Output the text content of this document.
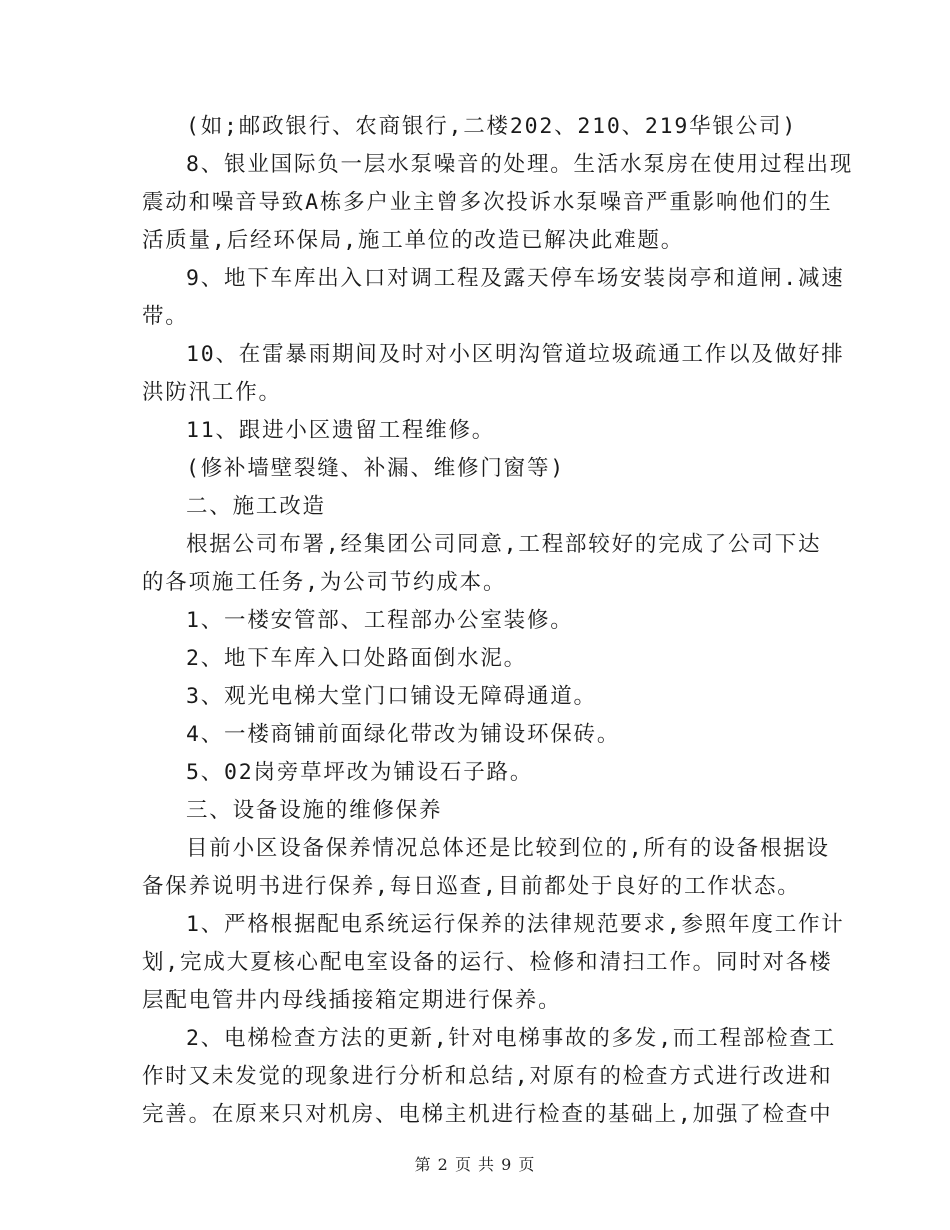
(如;邮政银行、农商银行,二楼202、210、219华银公司)
8、银业国际负一层水泵噪音的处理。生活水泵房在使用过程出现
震动和噪音导致A栋多户业主曾多次投诉水泵噪音严重影响他们的生
活质量,后经环保局,施工单位的改造已解决此难题。
9、地下车库出入口对调工程及露天停车场安装岗亭和道闸.减速
带。
10、在雷暴雨期间及时对小区明沟管道垃圾疏通工作以及做好排
洪防汛工作。
11、跟进小区遗留工程维修。
(修补墙壁裂缝、补漏、维修门窗等)
二、施工改造
根据公司布署,经集团公司同意,工程部较好的完成了公司下达
的各项施工任务,为公司节约成本。
1、一楼安管部、工程部办公室装修。
2、地下车库入口处路面倒水泥。
3、观光电梯大堂门口铺设无障碍通道。
4、一楼商铺前面绿化带改为铺设环保砖。
5、02岗旁草坪改为铺设石子路。
三、设备设施的维修保养
目前小区设备保养情况总体还是比较到位的,所有的设备根据设
备保养说明书进行保养,每日巡查,目前都处于良好的工作状态。
1、严格根据配电系统运行保养的法律规范要求,参照年度工作计
划,完成大夏核心配电室设备的运行、检修和清扫工作。同时对各楼
层配电管井内母线插接箱定期进行保养。
2、电梯检查方法的更新,针对电梯事故的多发,而工程部检查工
作时又未发觉的现象进行分析和总结,对原有的检查方式进行改进和
完善。在原来只对机房、电梯主机进行检查的基础上,加强了检查中
第 2 页 共 9 页
